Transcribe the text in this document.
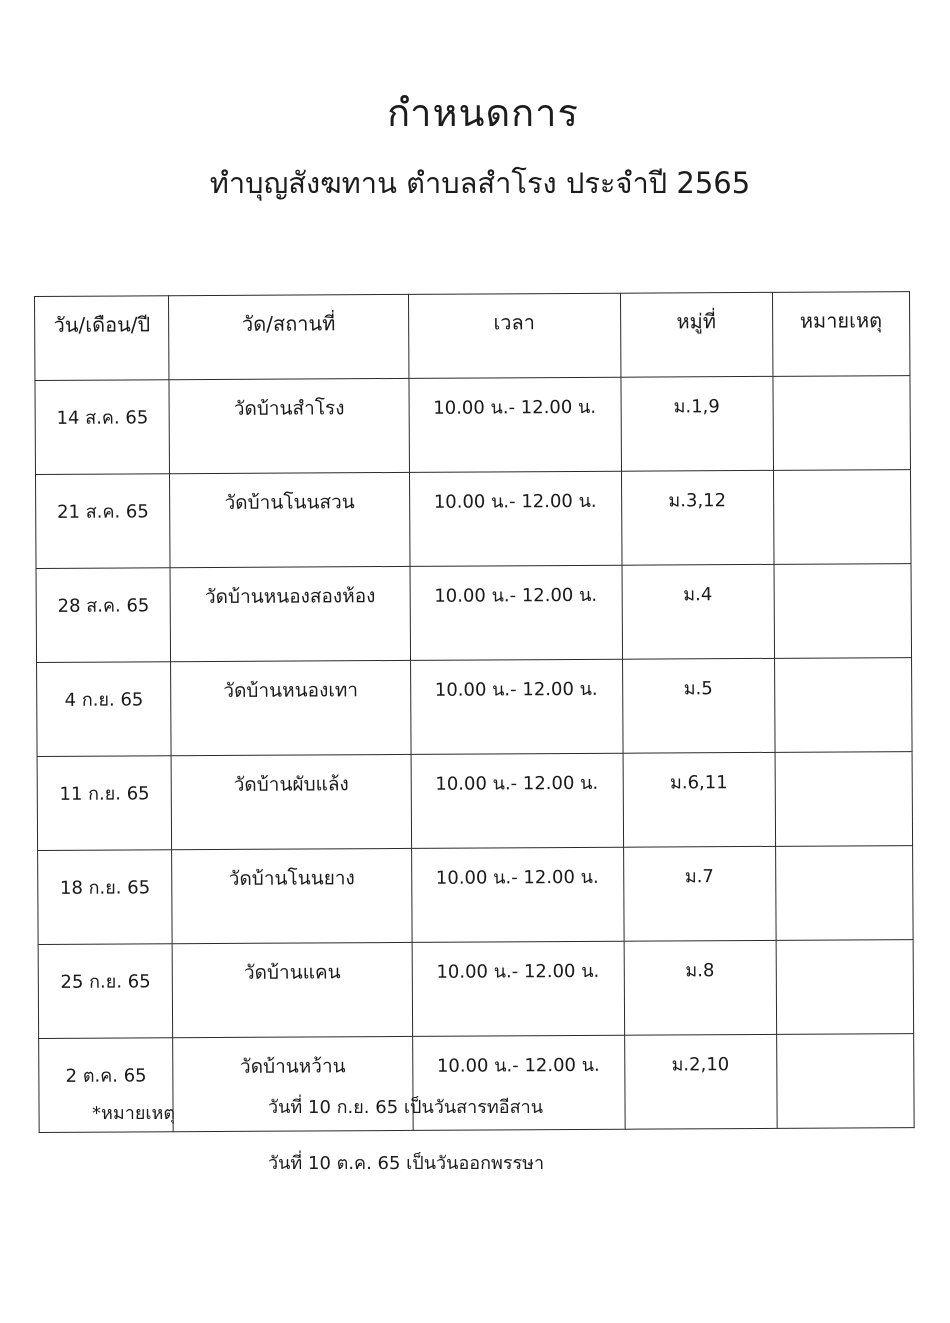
กำหนดการ
ทำบุญสังฆทาน ตำบลสำโรง ประจำปี 2565
วัน/เดือน/ปี	วัด/สถานที่	เวลา	หมู่ที่	หมายเหตุ
14 ส.ค. 65	วัดบ้านสำโรง	10.00 น.- 12.00 น.	ม.1,9	
21 ส.ค. 65	วัดบ้านโนนสวน	10.00 น.- 12.00 น.	ม.3,12	
28 ส.ค. 65	วัดบ้านหนองสองห้อง	10.00 น.- 12.00 น.	ม.4	
4 ก.ย. 65	วัดบ้านหนองเทา	10.00 น.- 12.00 น.	ม.5	
11 ก.ย. 65	วัดบ้านผับแล้ง	10.00 น.- 12.00 น.	ม.6,11	
18 ก.ย. 65	วัดบ้านโนนยาง	10.00 น.- 12.00 น.	ม.7	
25 ก.ย. 65	วัดบ้านแคน	10.00 น.- 12.00 น.	ม.8	
2 ต.ค. 65	วัดบ้านหว้าน	10.00 น.- 12.00 น.	ม.2,10	
*หมายเหตุ	วันที่ 10 ก.ย. 65 เป็นวันสารทอีสาน
วันที่ 10 ต.ค. 65 เป็นวันออกพรรษา
